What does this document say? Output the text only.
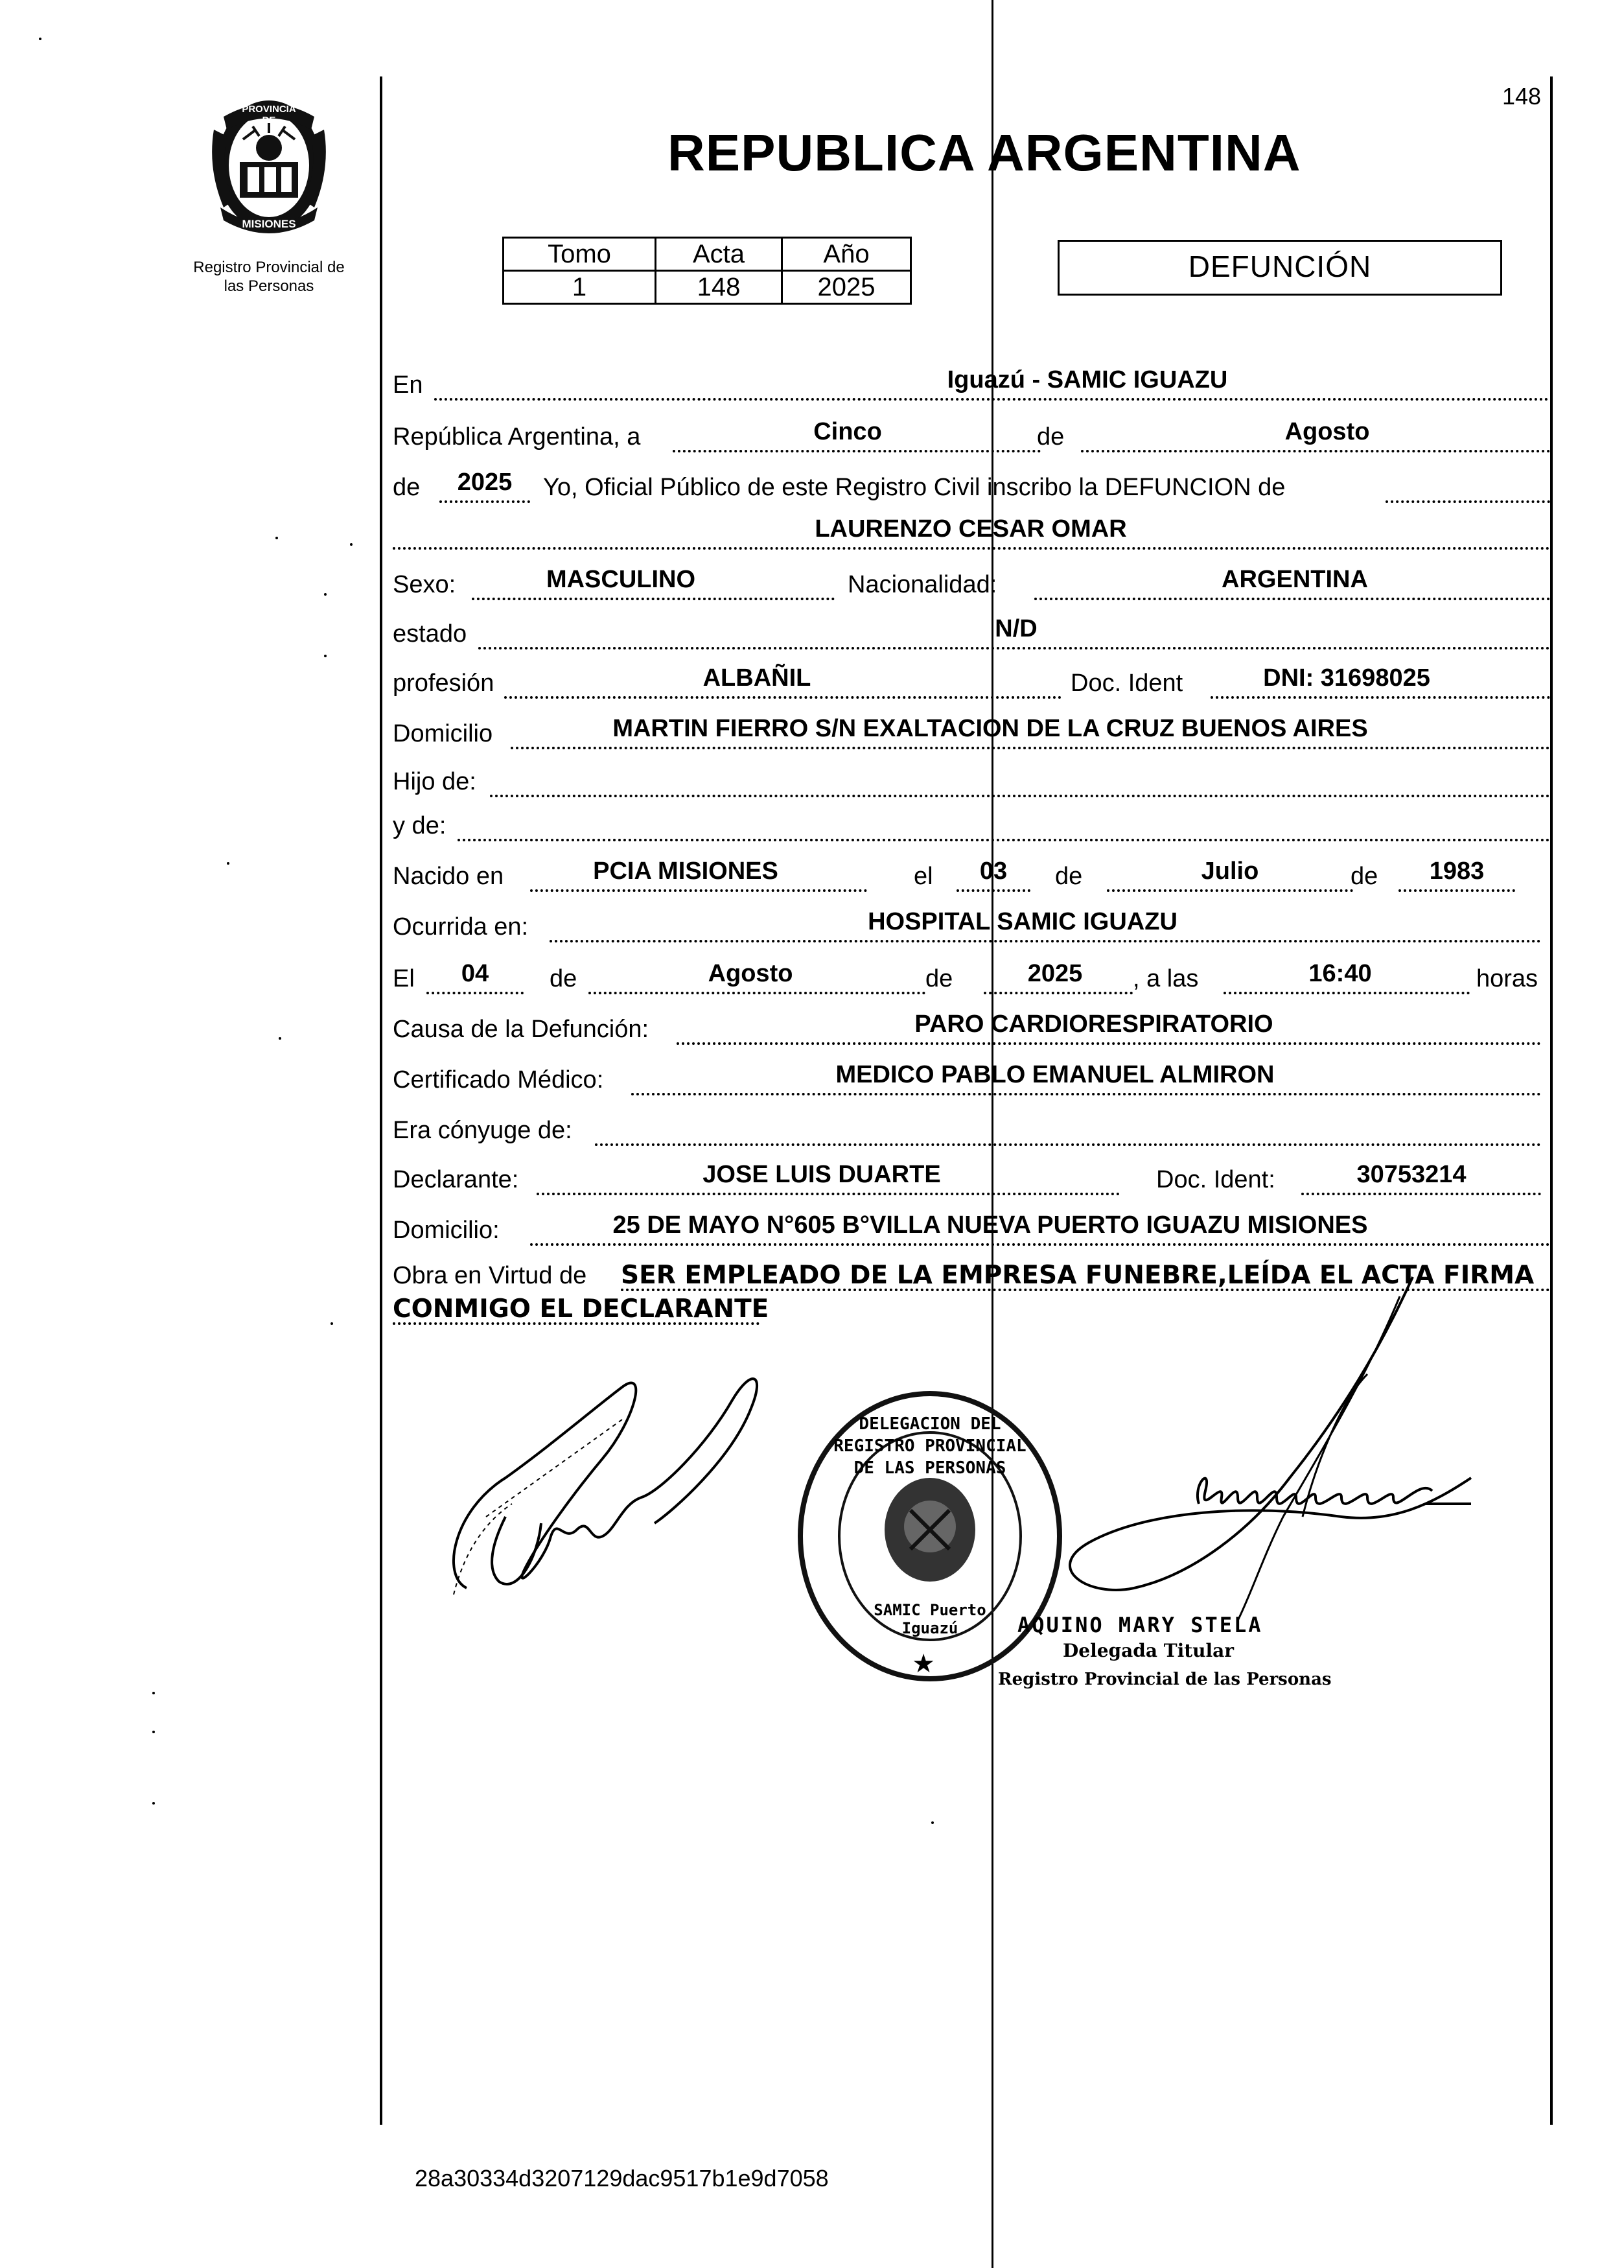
148
PROVINCIA DE
MISIONES
Registro Provincial de
las Personas
REPUBLICA ARGENTINA
Tomo	Acta	Año
1	148	2025
DEFUNCIÓN
En	Iguazú - SAMIC IGUAZU
República Argentina, a	Cinco	de	Agosto
de	2025	Yo, Oficial Público de este Registro Civil inscribo la DEFUNCION de
LAURENZO CESAR OMAR
Sexo:	MASCULINO	Nacionalidad:	ARGENTINA
estado	N/D
profesión	ALBAÑIL	Doc. Ident	DNI: 31698025
Domicilio	MARTIN FIERRO S/N EXALTACION DE LA CRUZ BUENOS AIRES
Hijo de:
y de:
Nacido en	PCIA MISIONES	el	03	de	Julio	de	1983
Ocurrida en:	HOSPITAL SAMIC IGUAZU
El	04	de	Agosto	de	2025	, a las	16:40	horas
Causa de la Defunción:	PARO CARDIORESPIRATORIO
Certificado Médico:	MEDICO PABLO EMANUEL ALMIRON
Era cónyuge de:
Declarante:	JOSE LUIS DUARTE	Doc. Ident:	30753214
Domicilio:	25 DE MAYO N°605 B°VILLA NUEVA PUERTO IGUAZU MISIONES
Obra en Virtud de SER EMPLEADO DE LA EMPRESA FUNEBRE,LEÍDA EL ACTA FIRMA
CONMIGO EL DECLARANTE
★
DELEGACION DEL REGISTRO PROVINCIAL DE LAS PERSONAS
SAMIC Puerto Iguazú	AQUINO MARY STELA
Delegada Titular
Registro Provincial de las Personas
28a30334d3207129dac9517b1e9d7058
